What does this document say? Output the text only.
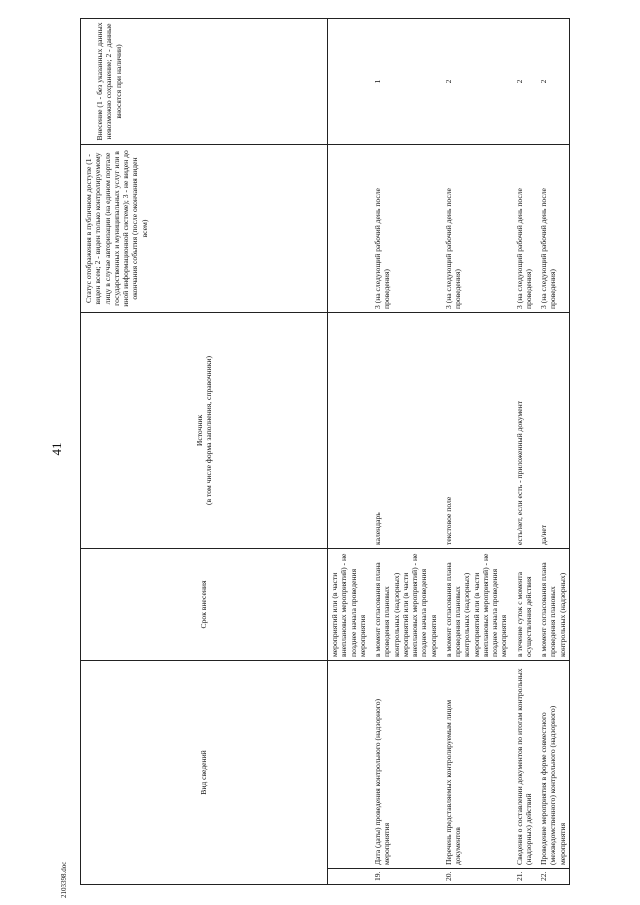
41
2103398.doc
Вид сведений		Срок внесения	Источник (в том числе форма заполнения, справочники)	Статус отображения в публичном доступе (1 - виден всем; 2 - виден только контролируемому лицу в случае авторизации (на едином портале государственных и муниципальных услуг или в иной информационной системе); 3 - не виден до окончания события (после окончания виден всем)	Внесение (1 - без указанных данных невозможно сохранение; 2 - данные вносятся при наличии)
		мероприятий или (в части внеплановых мероприятий) - не позднее начала проведения мероприятия			
19.	Дата (даты) проведения контрольного (надзорного) мероприятия	в момент согласования плана проведения плановых контрольных (надзорных) мероприятий или (в части внеплановых мероприятий) - не позднее начала проведения мероприятия	календарь	3 (на следующий рабочий день после проведения)	1
20.	Перечень представляемых контролируемым лицом документов	в момент согласования плана проведения плановых контрольных (надзорных) мероприятий или (в части внеплановых мероприятий) - не позднее начала проведения мероприятия	текстовое поле	3 (на следующий рабочий день после проведения)	2
21.	Сведения о составлении документов по итогам контрольных (надзорных) действий	в течение суток с момента осуществления действия	есть/нет, если есть - приложенный документ	3 (на следующий рабочий день после проведения)	2
22.	Проведение мероприятия в форме совместного (межведомственного) контрольного (надзорного) мероприятия	в момент согласования плана проведения плановых контрольных (надзорных)	да/нет	3 (на следующий рабочий день после проведения)	2
